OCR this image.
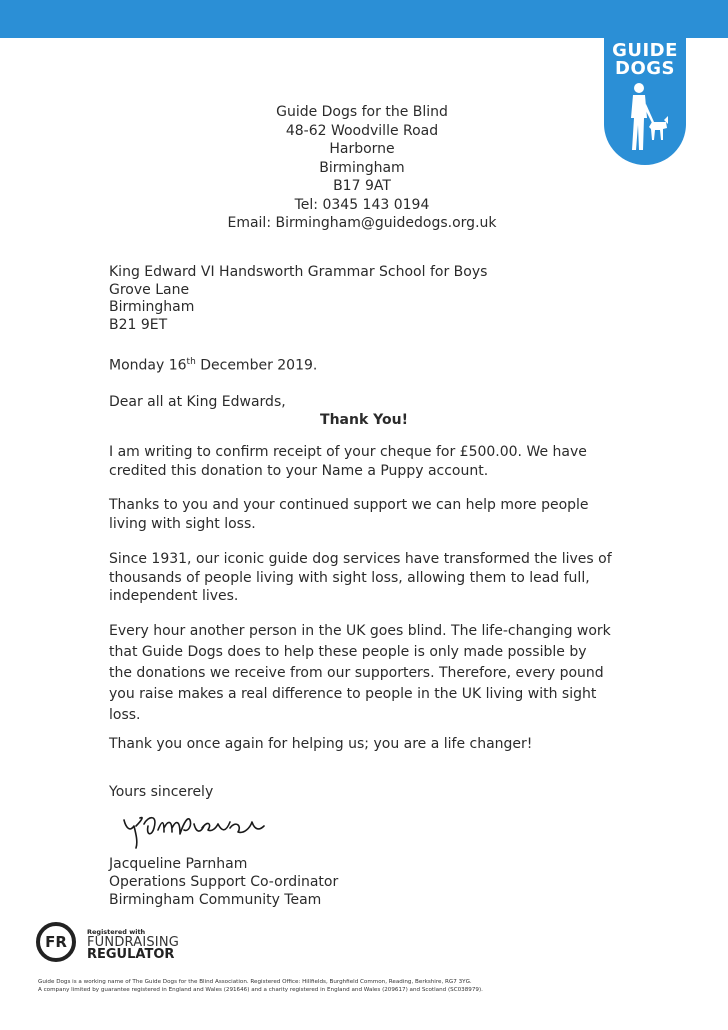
GUIDE
DOGS
Guide Dogs for the Blind
48-62 Woodville Road
Harborne
Birmingham
B17 9AT
Tel: 0345 143 0194
Email: Birmingham@guidedogs.org.uk
King Edward VI Handsworth Grammar School for Boys
Grove Lane
Birmingham
B21 9ET
Monday 16th December 2019.
Dear all at King Edwards,
Thank You!
I am writing to confirm receipt of your cheque for £500.00. We have
credited this donation to your Name a Puppy account.
Thanks to you and your continued support we can help more people
living with sight loss.
Since 1931, our iconic guide dog services have transformed the lives of
thousands of people living with sight loss, allowing them to lead full,
independent lives.
Every hour another person in the UK goes blind. The life-changing work
that Guide Dogs does to help these people is only made possible by
the donations we receive from our supporters. Therefore, every pound
you raise makes a real difference to people in the UK living with sight
loss.
Thank you once again for helping us; you are a life changer!
Yours sincerely
Jacqueline Parnham
Operations Support Co-ordinator
Birmingham Community Team
FR
Registered with
FUNDRAISING
REGULATOR
Guide Dogs is a working name of The Guide Dogs for the Blind Association. Registered Office: Hillfields, Burghfield Common, Reading, Berkshire, RG7 3YG.
A company limited by guarantee registered in England and Wales (291646) and a charity registered in England and Wales (209617) and Scotland (SC038979).
